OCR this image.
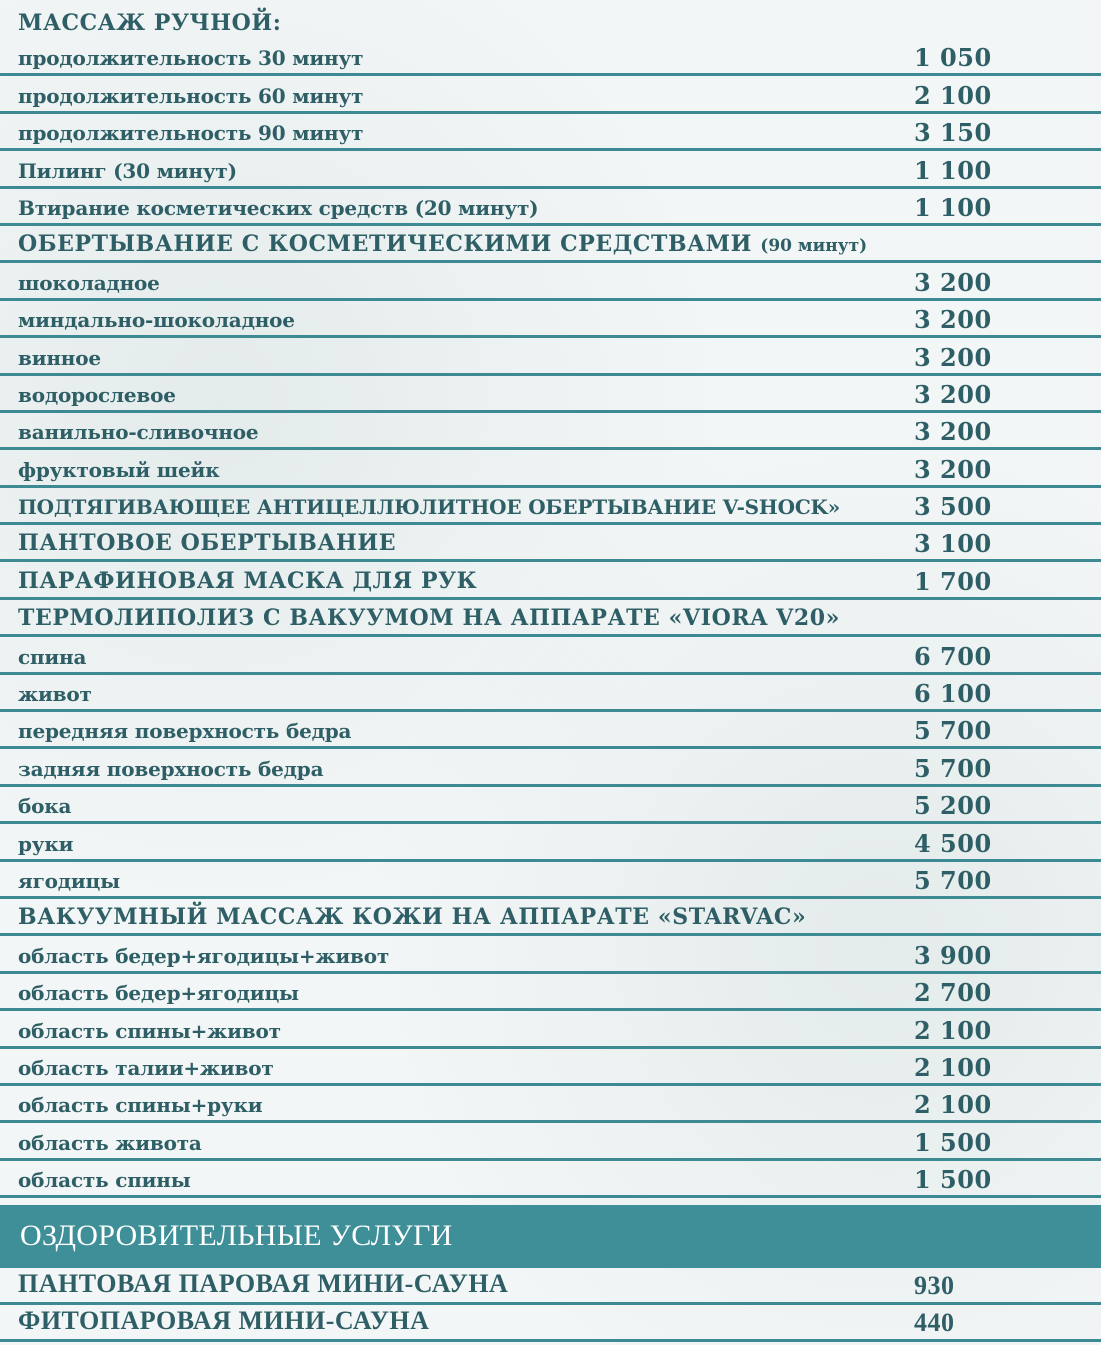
МАССАЖ РУЧНОЙ:
продолжительность 30 минут	1 050
продолжительность 60 минут	2 100
продолжительность 90 минут	3 150
Пилинг (30 минут)	1 100
Втирание косметических средств (20 минут)	1 100
ОБЕРТЫВАНИЕ С КОСМЕТИЧЕСКИМИ СРЕДСТВАМИ (90 минут)
шоколадное	3 200
миндально-шоколадное	3 200
винное	3 200
водорослевое	3 200
ванильно-сливочное	3 200
фруктовый шейк	3 200
ПОДТЯГИВАЮЩЕЕ АНТИЦЕЛЛЮЛИТНОЕ ОБЕРТЫВАНИЕ V-SHOCK»	3 500
ПАНТОВОЕ ОБЕРТЫВАНИЕ	3 100
ПАРАФИНОВАЯ МАСКА ДЛЯ РУК	1 700
ТЕРМОЛИПОЛИЗ С ВАКУУМОМ НА АППАРАТЕ «VIORA V20»
спина	6 700
живот	6 100
передняя поверхность бедра	5 700
задняя поверхность бедра	5 700
бока	5 200
руки	4 500
ягодицы	5 700
ВАКУУМНЫЙ МАССАЖ КОЖИ НА АППАРАТЕ «STARVAC»
область бедер+ягодицы+живот	3 900
область бедер+ягодицы	2 700
область спины+живот	2 100
область талии+живот	2 100
область спины+руки	2 100
область живота	1 500
область спины	1 500
ОЗДОРОВИТЕЛЬНЫЕ УСЛУГИ
ПАНТОВАЯ ПАРОВАЯ МИНИ-САУНА	930
ФИТОПАРОВАЯ МИНИ-САУНА	440
